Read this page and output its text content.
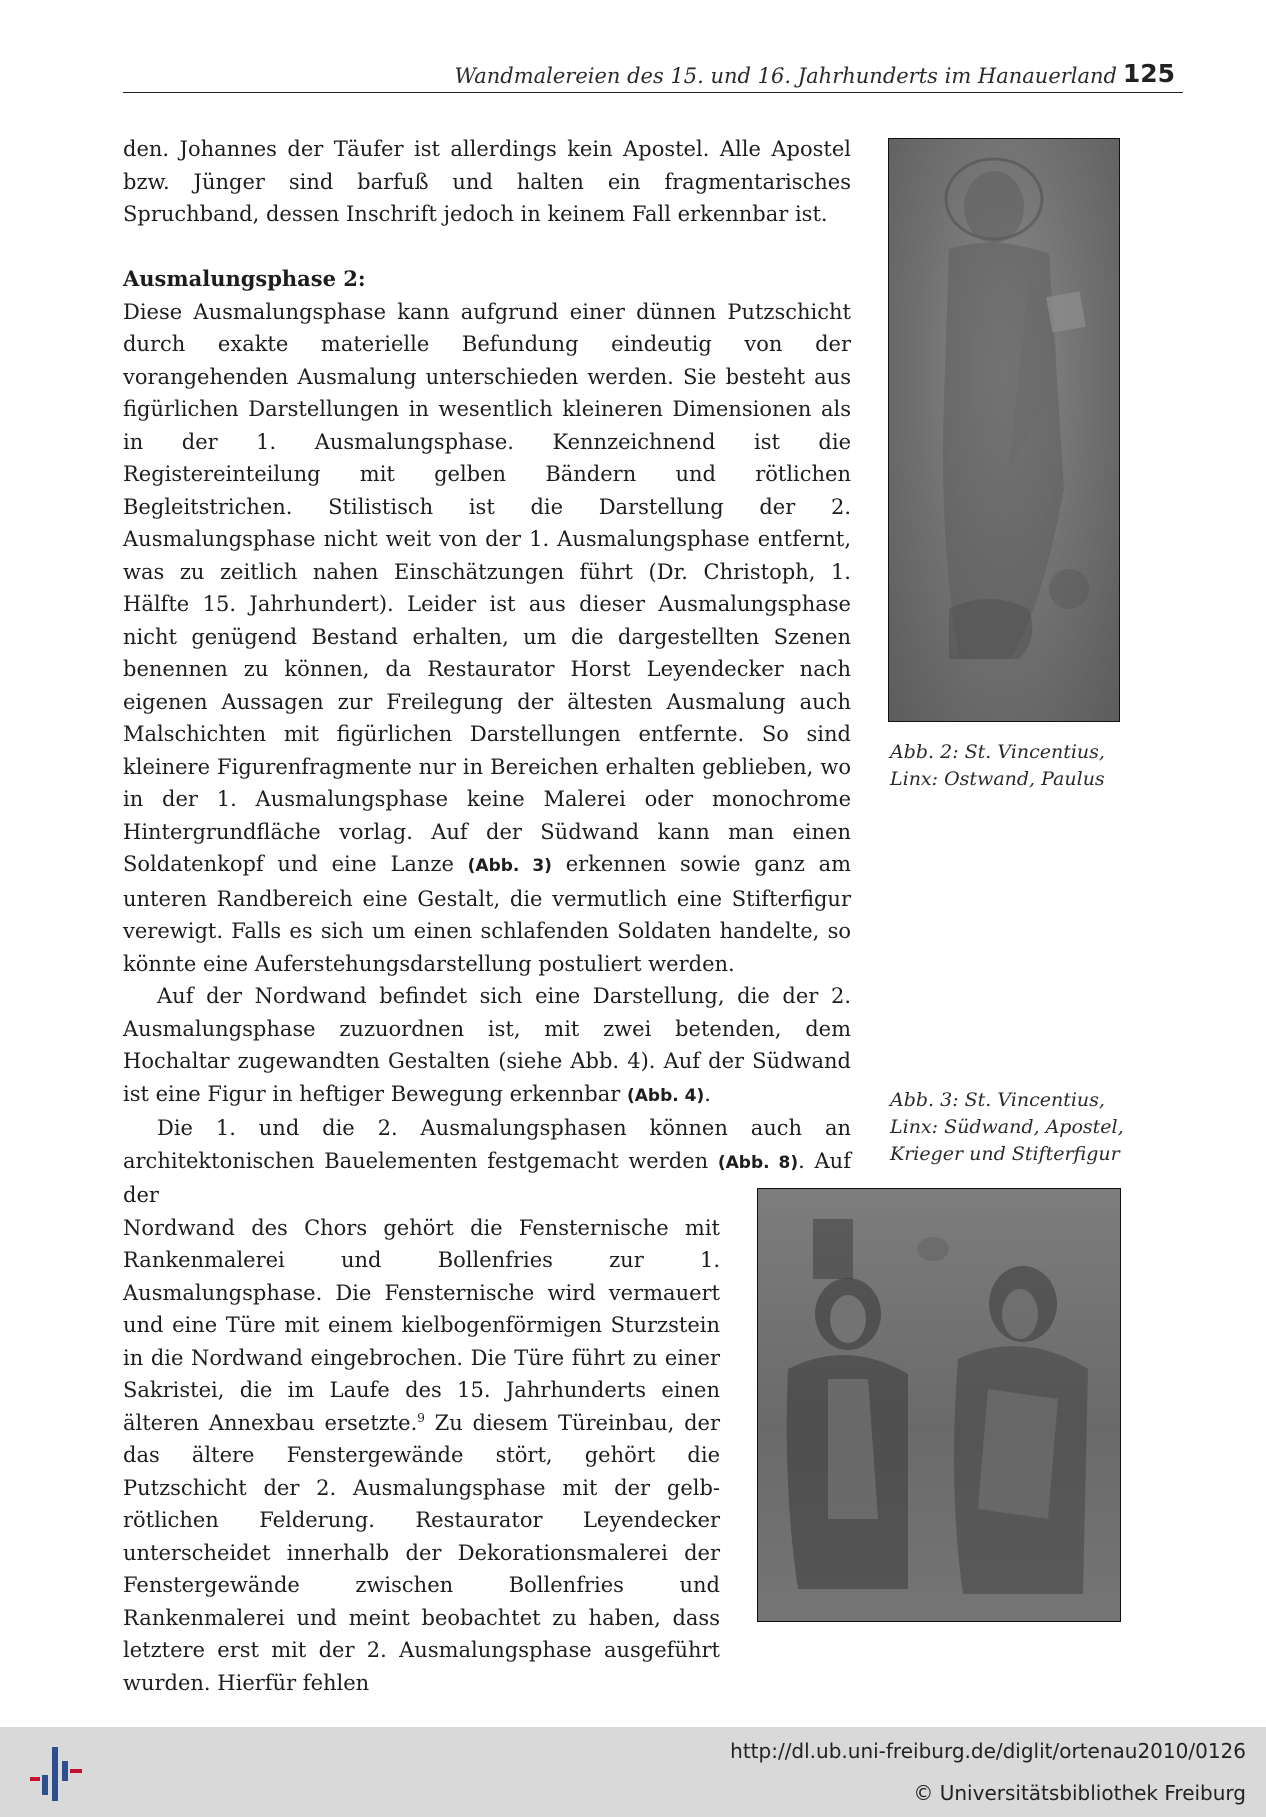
Wandmalereien des 15. und 16. Jahrhunderts im Hanauerland 125

den. Johannes der Täufer ist allerdings kein Apostel. Alle Apostel bzw. Jünger sind barfuß und halten ein fragmentarisches Spruchband, dessen Inschrift jedoch in keinem Fall erkennbar ist.

Ausmalungsphase 2:

Diese Ausmalungsphase kann aufgrund einer dünnen Putzschicht durch exakte materielle Befundung eindeutig von der vorangehenden Ausmalung unterschieden werden. Sie besteht aus figürlichen Darstellungen in wesentlich kleineren Dimensionen als in der 1. Ausmalungsphase. Kennzeichnend ist die Registereinteilung mit gelben Bändern und rötlichen Begleitstrichen. Stilistisch ist die Darstellung der 2. Ausmalungsphase nicht weit von der 1. Ausmalungsphase entfernt, was zu zeitlich nahen Einschätzungen führt (Dr. Christoph, 1. Hälfte 15. Jahrhundert). Leider ist aus dieser Ausmalungsphase nicht genügend Bestand erhalten, um die dargestellten Szenen benennen zu können, da Restaurator Horst Leyendecker nach eigenen Aussagen zur Freilegung der ältesten Ausmalung auch Malschichten mit figürlichen Darstellungen entfernte. So sind kleinere Figurenfragmente nur in Bereichen erhalten geblieben, wo in der 1. Ausmalungsphase keine Malerei oder monochrome Hintergrundfläche vorlag. Auf der Südwand kann man einen Soldatenkopf und eine Lanze (Abb. 3) erkennen sowie ganz am unteren Randbereich eine Gestalt, die vermutlich eine Stifterfigur verewigt. Falls es sich um einen schlafenden Soldaten handelte, so könnte eine Auferstehungsdarstellung postuliert werden.

Auf der Nordwand befindet sich eine Darstellung, die der 2. Ausmalungsphase zuzuordnen ist, mit zwei betenden, dem Hochaltar zugewandten Gestalten (siehe Abb. 4). Auf der Südwand ist eine Figur in heftiger Bewegung erkennbar (Abb. 4).

Die 1. und die 2. Ausmalungsphasen können auch an architektonischen Bauelementen festgemacht werden (Abb. 8). Auf der

Nordwand des Chors gehört die Fensternische mit Rankenmalerei und Bollenfries zur 1. Ausmalungsphase. Die Fensternische wird vermauert und eine Türe mit einem kielbogenförmigen Sturzstein in die Nordwand eingebrochen. Die Türe führt zu einer Sakristei, die im Laufe des 15. Jahrhunderts einen älteren Annexbau ersetzte.$^9$ Zu diesem Türeinbau, der das ältere Fenstergewände stört, gehört die Putzschicht der 2. Ausmalungsphase mit der gelb-rötlichen Felderung. Restaurator Leyendecker unterscheidet innerhalb der Dekorationsmalerei der Fenstergewände zwischen Bollenfries und Rankenmalerei und meint beobachtet zu haben, dass letztere erst mit der 2. Ausmalungsphase ausgeführt wurden. Hierfür fehlen

Abb. 2: St. Vincentius,
Linx: Ostwand, Paulus
Abb. 3: St. Vincentius,
Linx: Südwand, Apostel,
Krieger und Stifterfigur
http://dl.ub.uni-freiburg.de/diglit/ortenau2010/0126
© Universitätsbibliothek Freiburg
